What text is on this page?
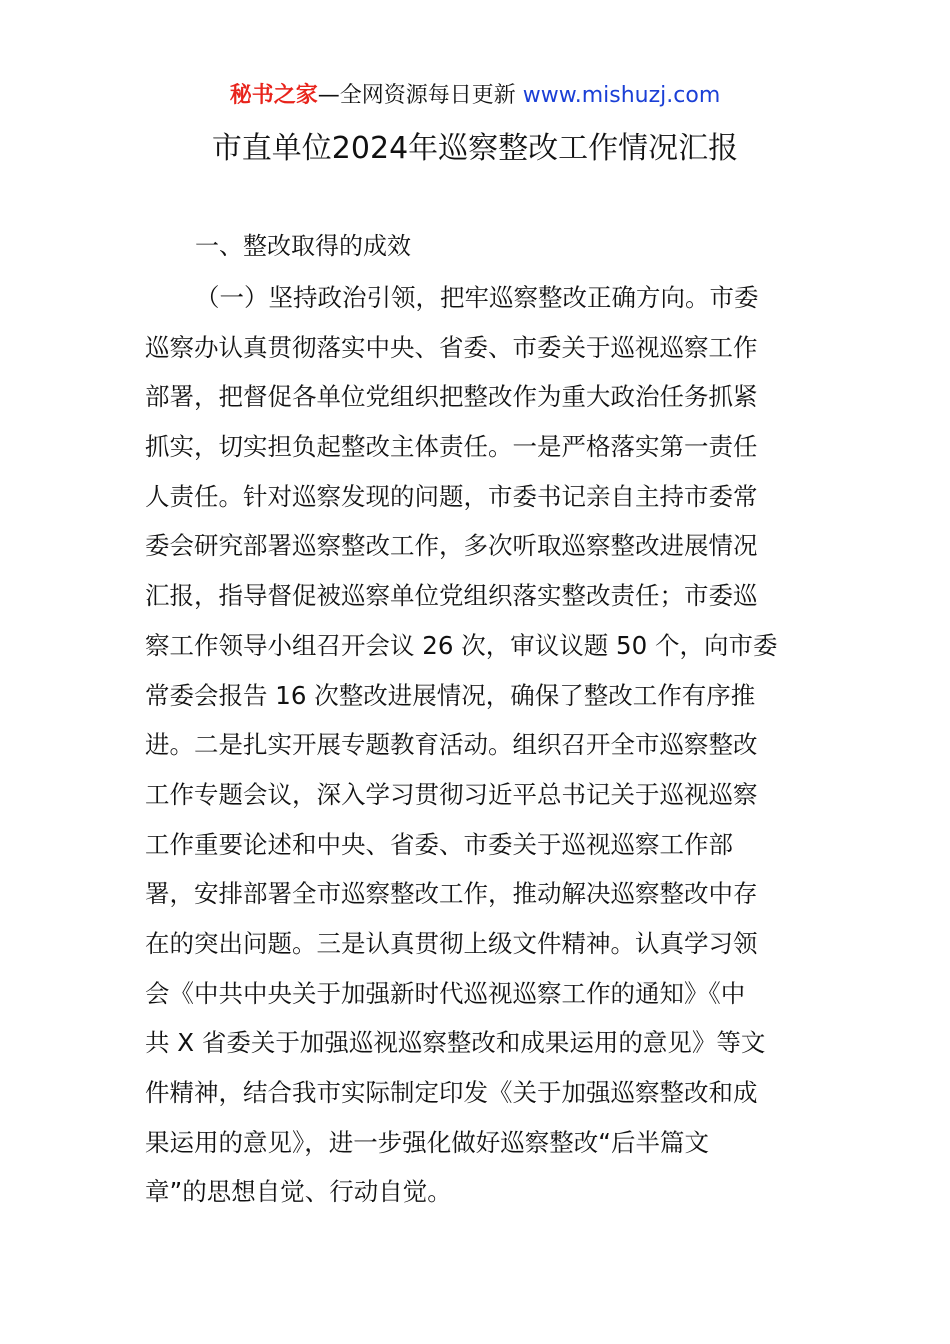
秘书之家—全网资源每日更新 www.mishuzj.com
市直单位2024年巡察整改工作情况汇报
一、整改取得的成效
（一）坚持政治引领，把牢巡察整改正确方向。市委
巡察办认真贯彻落实中央、省委、市委关于巡视巡察工作
部署，把督促各单位党组织把整改作为重大政治任务抓紧
抓实，切实担负起整改主体责任。一是严格落实第一责任
人责任。针对巡察发现的问题，市委书记亲自主持市委常
委会研究部署巡察整改工作，多次听取巡察整改进展情况
汇报，指导督促被巡察单位党组织落实整改责任；市委巡
察工作领导小组召开会议 26 次，审议议题 50 个，向市委
常委会报告 16 次整改进展情况，确保了整改工作有序推
进。二是扎实开展专题教育活动。组织召开全市巡察整改
工作专题会议，深入学习贯彻习近平总书记关于巡视巡察
工作重要论述和中央、省委、市委关于巡视巡察工作部
署，安排部署全市巡察整改工作，推动解决巡察整改中存
在的突出问题。三是认真贯彻上级文件精神。认真学习领
会《中共中央关于加强新时代巡视巡察工作的通知》《中
共 X 省委关于加强巡视巡察整改和成果运用的意见》等文
件精神，结合我市实际制定印发《关于加强巡察整改和成
果运用的意见》，进一步强化做好巡察整改“后半篇文
章”的思想自觉、行动自觉。
